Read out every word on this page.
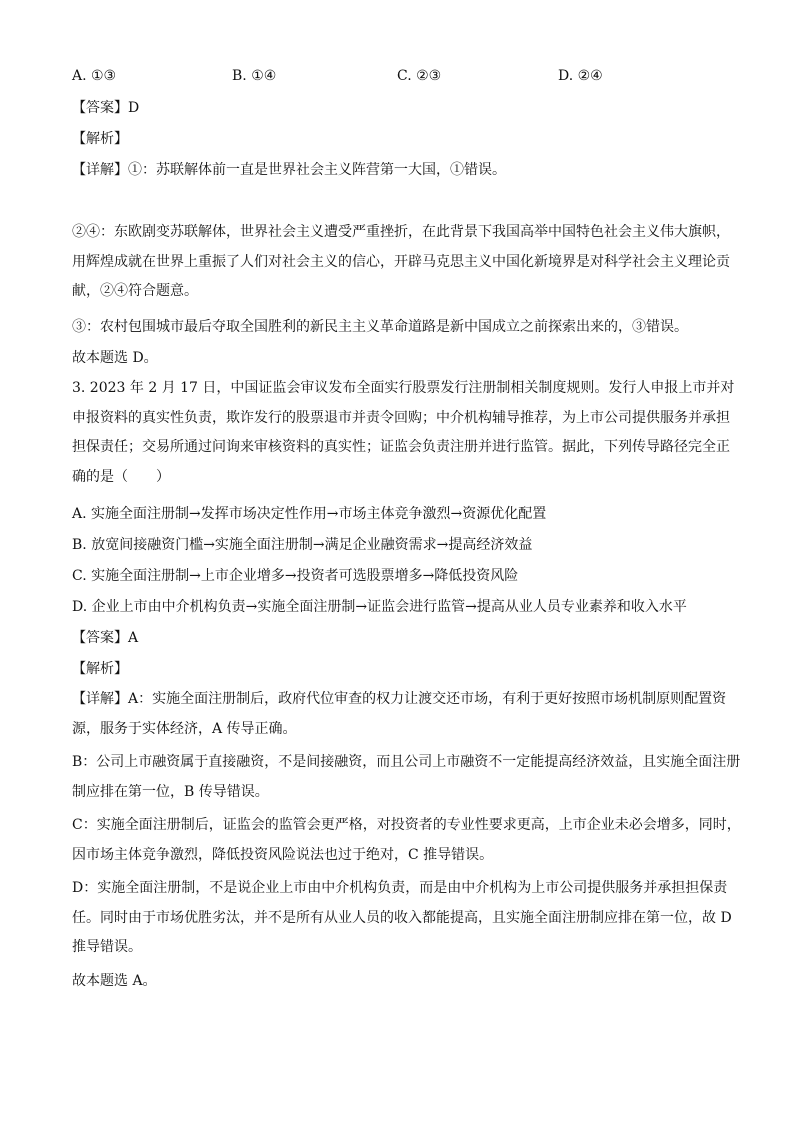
A. ①③	B. ①④	C. ②③	D. ②④
【答案】D
【解析】
【详解】①：苏联解体前一直是世界社会主义阵营第一大国，①错误。
②④：东欧剧变苏联解体，世界社会主义遭受严重挫折，在此背景下我国高举中国特色社会主义伟大旗帜，用辉煌成就在世界上重振了人们对社会主义的信心，开辟马克思主义中国化新境界是对科学社会主义理论贡献，②④符合题意。
③：农村包围城市最后夺取全国胜利的新民主主义革命道路是新中国成立之前探索出来的，③错误。
故本题选 D。
3. 2023 年 2 月 17 日，中国证监会审议发布全面实行股票发行注册制相关制度规则。发行人申报上市并对申报资料的真实性负责，欺诈发行的股票退市并责令回购；中介机构辅导推荐，为上市公司提供服务并承担担保责任；交易所通过问询来审核资料的真实性；证监会负责注册并进行监管。据此，下列传导路径完全正确的是（　　）
A. 实施全面注册制→发挥市场决定性作用→市场主体竞争激烈→资源优化配置
B. 放宽间接融资门槛→实施全面注册制→满足企业融资需求→提高经济效益
C. 实施全面注册制→上市企业增多→投资者可选股票增多→降低投资风险
D. 企业上市由中介机构负责→实施全面注册制→证监会进行监管→提高从业人员专业素养和收入水平
【答案】A
【解析】
【详解】A：实施全面注册制后，政府代位审查的权力让渡交还市场，有利于更好按照市场机制原则配置资源，服务于实体经济，A 传导正确。
B：公司上市融资属于直接融资，不是间接融资，而且公司上市融资不一定能提高经济效益，且实施全面注册制应排在第一位，B 传导错误。
C：实施全面注册制后，证监会的监管会更严格，对投资者的专业性要求更高，上市企业未必会增多，同时，因市场主体竞争激烈，降低投资风险说法也过于绝对，C 推导错误。
D：实施全面注册制，不是说企业上市由中介机构负责，而是由中介机构为上市公司提供服务并承担担保责任。同时由于市场优胜劣汰，并不是所有从业人员的收入都能提高，且实施全面注册制应排在第一位，故 D 推导错误。
故本题选 A。
